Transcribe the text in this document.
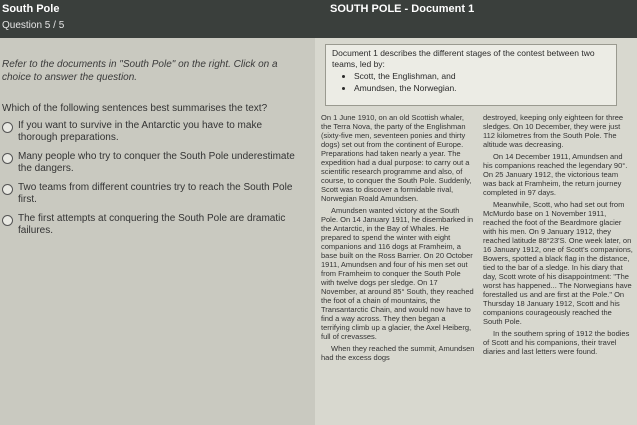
South Pole
Question 5 / 5
SOUTH POLE - Document 1
Refer to the documents in "South Pole" on the right. Click on a choice to answer the question.
Which of the following sentences best summarises the text?
If you want to survive in the Antarctic you have to make thorough preparations.
Many people who try to conquer the South Pole underestimate the dangers.
Two teams from different countries try to reach the South Pole first.
The first attempts at conquering the South Pole are dramatic failures.
Document 1 describes the different stages of the contest between two teams, led by:
• Scott, the Englishman, and
• Amundsen, the Norwegian.

On 1 June 1910, on an old Scottish whaler, the Terra Nova, the party of the Englishman (sixty-five men, seventeen ponies and thirty dogs) set out from the continent of Europe. Preparations had taken nearly a year. The expedition had a dual purpose: to carry out a scientific research programme and also, of course, to conquer the South Pole. Suddenly, Scott was to discover a formidable rival, Norwegian Roald Amundsen.

Amundsen wanted victory at the South Pole. On 14 January 1911, he disembarked in the Antarctic, in the Bay of Whales. He prepared to spend the winter with eight companions and 116 dogs at Framheim, a base built on the Ross Barrier. On 20 October 1911, Amundsen and four of his men set out from Framheim to conquer the South Pole with twelve dogs per sledge. On 17 November, at around 85° South, they reached the foot of a chain of mountains, the Transantarctic Chain, and would now have to find a way across. They then began a terrifying climb up a glacier, the Axel Heiberg, full of crevasses.

When they reached the summit, Amundsen had the excess dogs

destroyed, keeping only eighteen for three sledges. On 10 December, they were just 112 kilometres from the South Pole. The altitude was decreasing.

On 14 December 1911, Amundsen and his companions reached the legendary 90°. On 25 January 1912, the victorious team was back at Framheim, the return journey completed in 97 days.

Meanwhile, Scott, who had set out from McMurdo base on 1 November 1911, reached the foot of the Beardmore glacier with his men. On 9 January 1912, they reached latitude 88°23'S. One week later, on 16 January 1912, one of Scott's companions, Bowers, spotted a black flag in the distance, tied to the bar of a sledge. In his diary that day, Scott wrote of his disappointment: "The worst has happened... The Norwegians have forestalled us and are first at the Pole." On Thursday 18 January 1912, Scott and his companions courageously reached the South Pole.

In the southern spring of 1912 the bodies of Scott and his companions, their travel diaries and last letters were found.
